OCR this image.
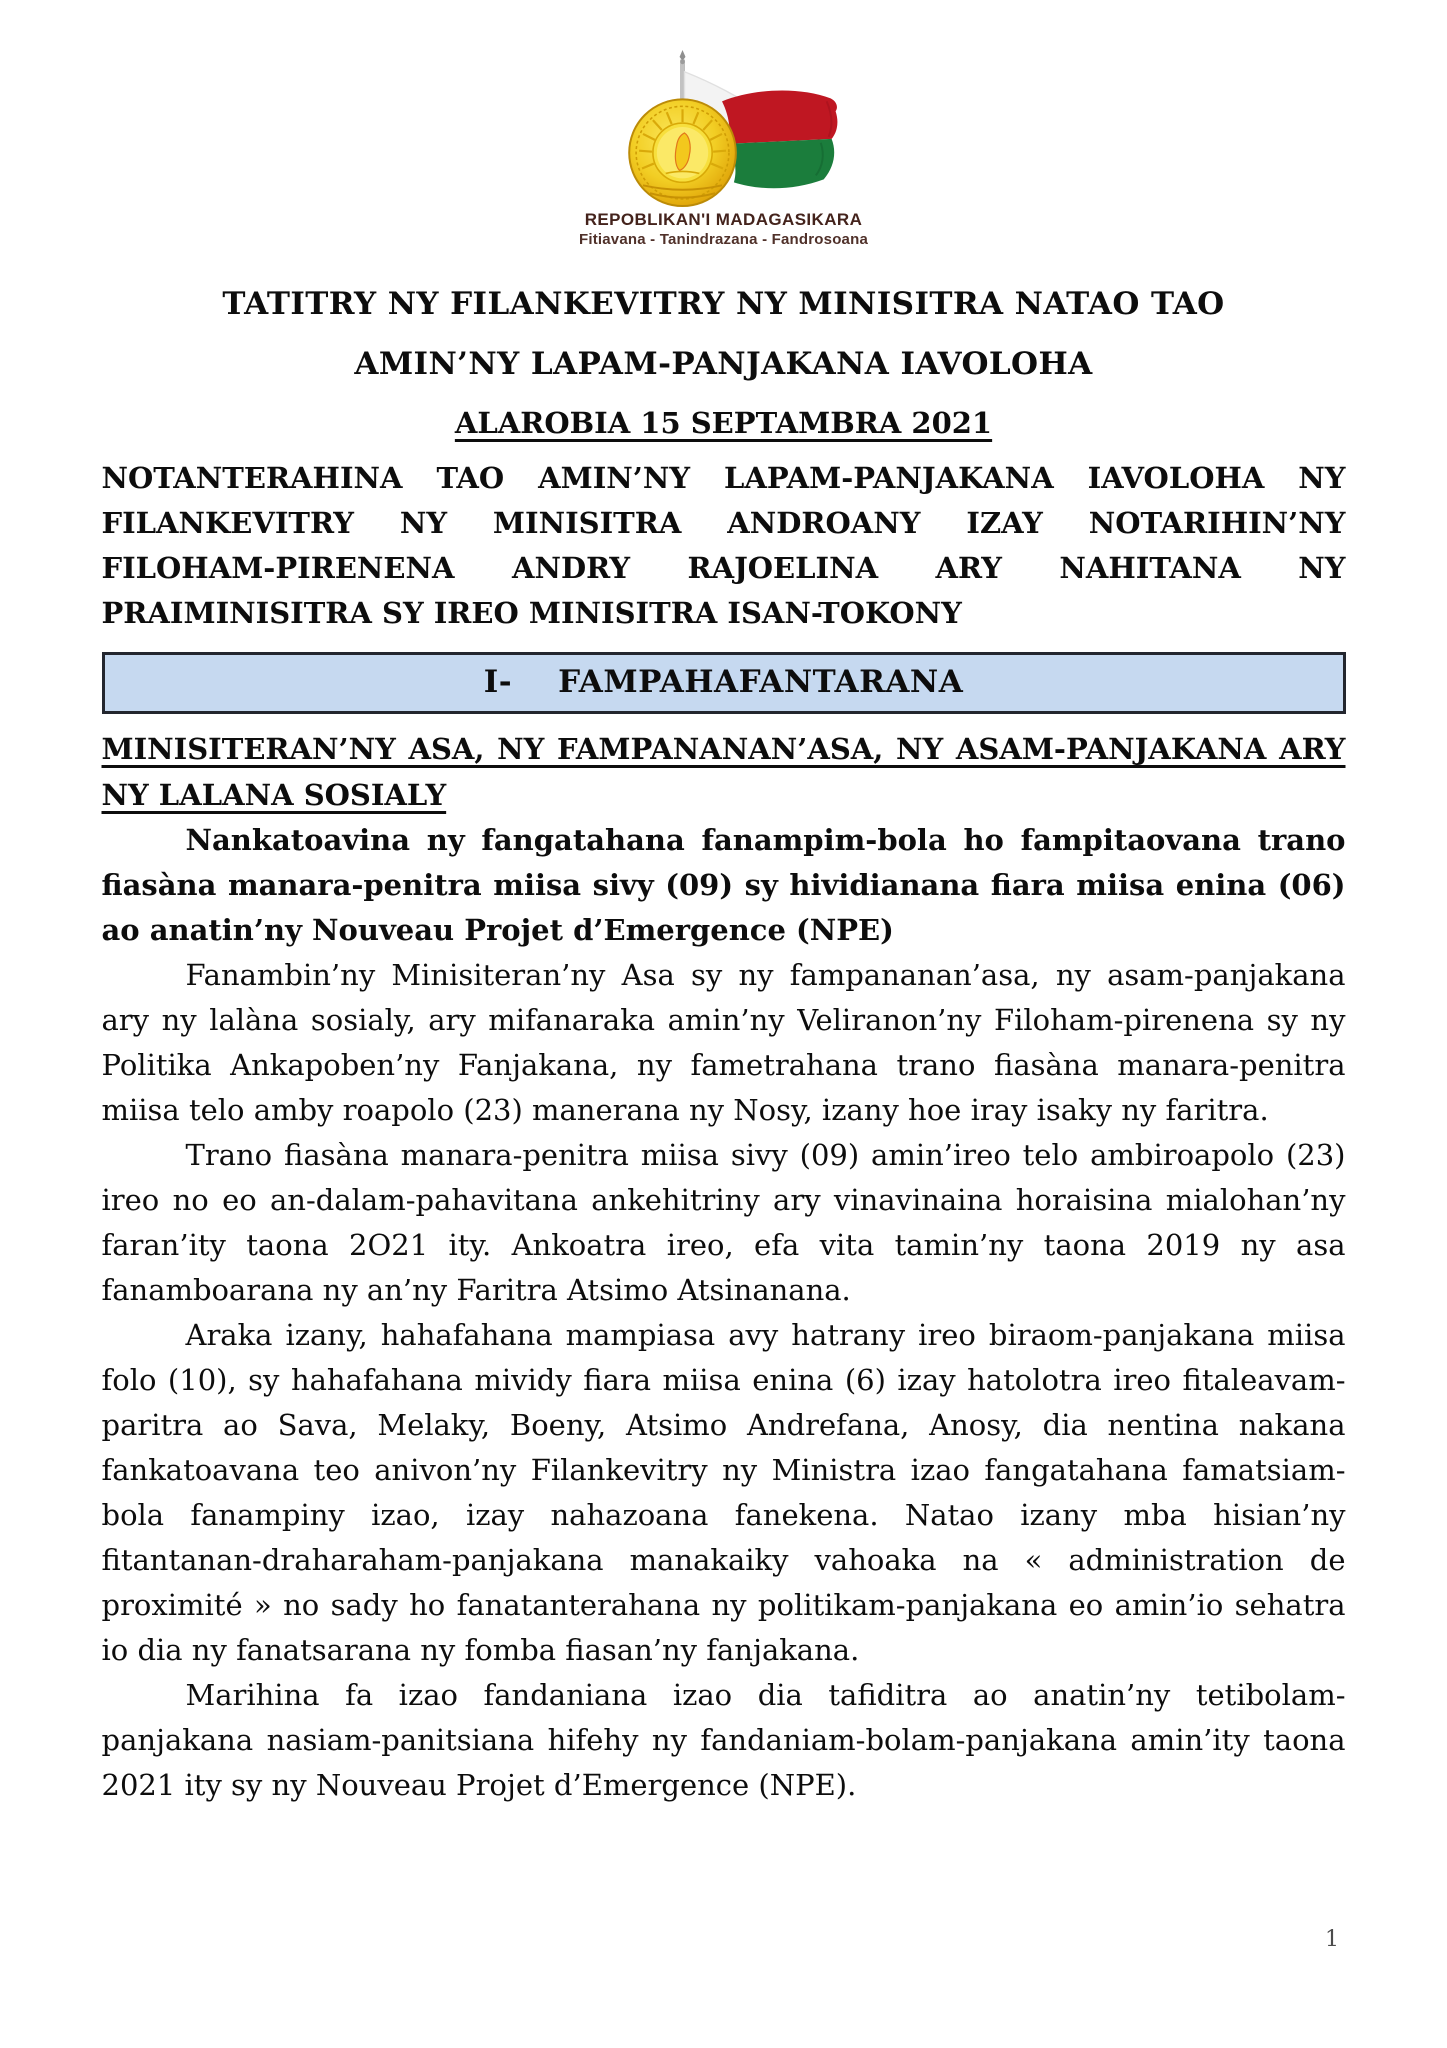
REPOBLIKAN'I MADAGASIKARA
Fitiavana - Tanindrazana - Fandrosoana
TATITRY NY FILANKEVITRY NY MINISITRA NATAO TAO
AMIN’NY LAPAM-PANJAKANA IAVOLOHA
ALAROBIA 15 SEPTAMBRA 2021

NOTANTERAHINA TAO AMIN’NY LAPAM-PANJAKANA IAVOLOHA NY FILANKEVITRY NY MINISITRA ANDROANY IZAY NOTARIHIN’NY FILOHAM-PIRENENA ANDRY RAJOELINA ARY NAHITANA NY PRAIMINISITRA SY IREO MINISITRA ISAN-TOKONY

I- FAMPAHAFANTARANA
MINISITERAN’NY ASA, NY FAMPANANAN’ASA, NY ASAM-PANJAKANA ARY NY LALANA SOSIALY

Nankatoavina ny fangatahana fanampim-bola ho fampitaovana trano fiasàna manara-penitra miisa sivy (09) sy hividianana fiara miisa enina (06) ao anatin’ny Nouveau Projet d’Emergence (NPE)

Fanambin’ny Minisiteran’ny Asa sy ny fampananan’asa, ny asam-panjakana ary ny lalàna sosialy, ary mifanaraka amin’ny Veliranon’ny Filoham-pirenena sy ny Politika Ankapoben’ny Fanjakana, ny fametrahana trano fiasàna manara-penitra miisa telo amby roapolo (23) manerana ny Nosy, izany hoe iray isaky ny faritra.

Trano fiasàna manara-penitra miisa sivy (09) amin’ireo telo ambiroapolo (23) ireo no eo an-dalam-pahavitana ankehitriny ary vinavinaina horaisina mialohan’ny faran’ity taona 2O21 ity. Ankoatra ireo, efa vita tamin’ny taona 2019 ny asa fanamboarana ny an’ny Faritra Atsimo Atsinanana.

Araka izany, hahafahana mampiasa avy hatrany ireo biraom-panjakana miisa folo (10), sy hahafahana mividy fiara miisa enina (6) izay hatolotra ireo fitaleavam-paritra ao Sava, Melaky, Boeny, Atsimo Andrefana, Anosy, dia nentina nakana fankatoavana teo anivon’ny Filankevitry ny Ministra izao fangatahana famatsiam-bola fanampiny izao, izay nahazoana fanekena. Natao izany mba hisian’ny fitantanan-draharaham-panjakana manakaiky vahoaka na « administration de proximité » no sady ho fanatanterahana ny politikam-panjakana eo amin’io sehatra io dia ny fanatsarana ny fomba fiasan’ny fanjakana.

Marihina fa izao fandaniana izao dia tafiditra ao anatin’ny tetibolam-panjakana nasiam-panitsiana hifehy ny fandaniam-bolam-panjakana amin’ity taona 2021 ity sy ny Nouveau Projet d’Emergence (NPE).

1
